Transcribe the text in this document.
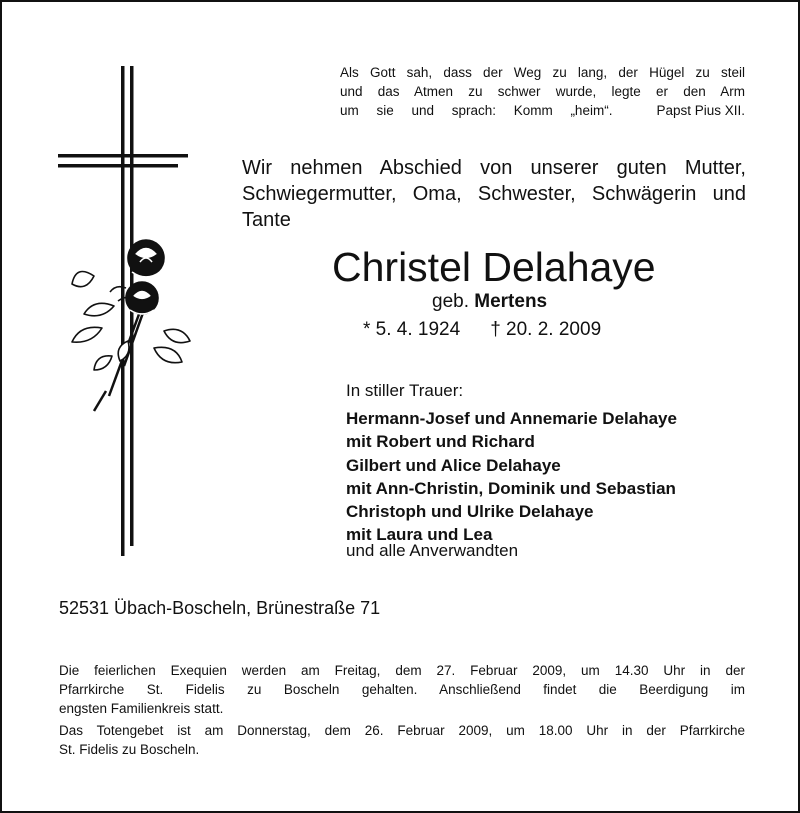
Als Gott sah, dass der Weg zu lang, der Hügel zu steil
und das Atmen zu schwer wurde, legte er den Arm
um sie und sprach: Komm „heim“.	Papst Pius XII.
Wir nehmen Abschied von unserer guten Mutter,
Schwiegermutter, Oma, Schwester, Schwägerin und
Tante
Christel Delahaye
geb. Mertens
* 5. 4. 1924 † 20. 2. 2009
In stiller Trauer:
Hermann-Josef und Annemarie Delahaye
mit Robert und Richard
Gilbert und Alice Delahaye
mit Ann-Christin, Dominik und Sebastian
Christoph und Ulrike Delahaye
mit Laura und Lea
und alle Anverwandten
52531 Übach-Boscheln, Brünestraße 71
Die feierlichen Exequien werden am Freitag, dem 27. Februar 2009, um 14.30 Uhr in der
Pfarrkirche St. Fidelis zu Boscheln gehalten. Anschließend findet die Beerdigung im
engsten Familienkreis statt.
Das Totengebet ist am Donnerstag, dem 26. Februar 2009, um 18.00 Uhr in der Pfarrkirche
St. Fidelis zu Boscheln.
